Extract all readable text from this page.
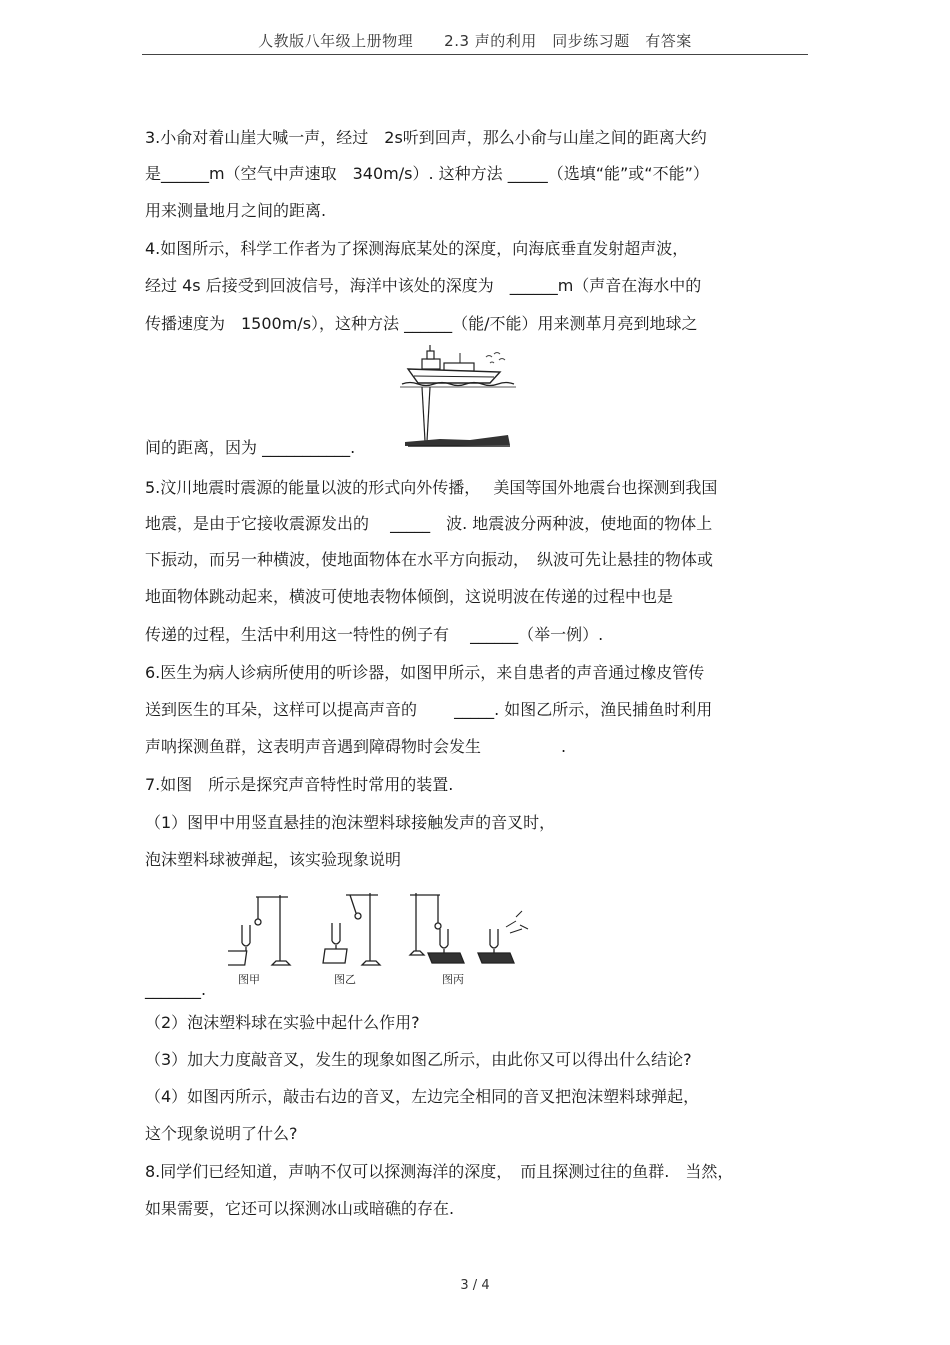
人教版八年级上册物理　　2.3 声的利用　同步练习题　有答案
3.小俞对着山崖大喊一声，经过　2s听到回声，那么小俞与山崖之间的距离大约
是______m（空气中声速取　340m/s）. 这种方法 _____（选填“能”或“不能”）
用来测量地月之间的距离.
4.如图所示，科学工作者为了探测海底某处的深度，向海底垂直发射超声波，
经过 4s 后接受到回波信号，海洋中该处的深度为　______m（声音在海水中的
传播速度为　1500m/s），这种方法 ______（能/不能）用来测革月亮到地球之
间的距离，因为 ___________.
5.汶川地震时震源的能量以波的形式向外传播，　 美国等国外地震台也探测到我国
地震，是由于它接收震源发出的　 _____　波. 地震波分两种波，使地面的物体上
下振动，而另一种横波，使地面物体在水平方向振动，　纵波可先让悬挂的物体或
地面物体跳动起来，横波可使地表物体倾倒，这说明波在传递的过程中也是
传递的过程，生活中利用这一特性的例子有　 ______（举一例）.
6.医生为病人诊病所使用的听诊器，如图甲所示，来自患者的声音通过橡皮管传
送到医生的耳朵，这样可以提高声音的　　 _____. 如图乙所示，渔民捕鱼时利用
声呐探测鱼群，这表明声音遇到障碍物时会发生　　　　　.
7.如图　所示是探究声音特性时常用的装置.
（1）图甲中用竖直悬挂的泡沫塑料球接触发声的音叉时，
泡沫塑料球被弹起，该实验现象说明
_______.
（2）泡沫塑料球在实验中起什么作用?
（3）加大力度敲音叉，发生的现象如图乙所示，由此你又可以得出什么结论?
（4）如图丙所示，敲击右边的音叉，左边完全相同的音叉把泡沫塑料球弹起，
这个现象说明了什么?
8.同学们已经知道，声呐不仅可以探测海洋的深度，　而且探测过往的鱼群.　当然，
如果需要，它还可以探测冰山或暗礁的存在.
图甲	图乙	图丙
3 / 4
